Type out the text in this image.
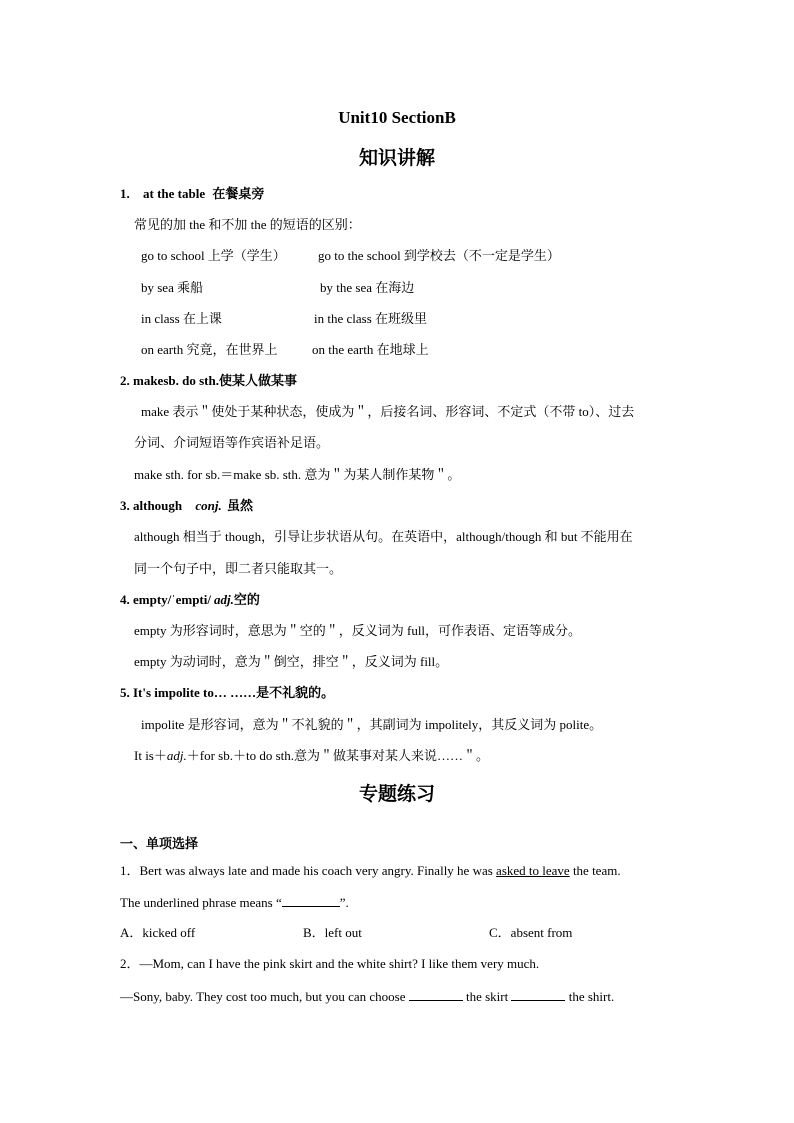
Unit10 SectionB
知识讲解
1. at the table 在餐桌旁
常见的加 the 和不加 the 的短语的区别：
go to school 上学（学生） go to the school 到学校去（不一定是学生）
by sea 乘船	by the sea 在海边
in class 在上课	in the class 在班级里
on earth 究竟，在世界上	on the earth 在地球上
2. makesb. do sth.使某人做某事
make 表示＂使处于某种状态，使成为＂，后接名词、形容词、不定式（不带 to）、过去
分词、介词短语等作宾语补足语。
make sth. for sb.＝make sb. sth. 意为＂为某人制作某物＂。
3. although conj. 虽然
although 相当于 though，引导让步状语从句。在英语中，although/though 和 but 不能用在
同一个句子中，即二者只能取其一。
4. empty/ˈempti/ adj.空的
empty 为形容词时，意思为＂空的＂，反义词为 full，可作表语、定语等成分。
empty 为动词时，意为＂倒空，排空＂，反义词为 fill。
5. It's impolite to… ……是不礼貌的。
impolite 是形容词，意为＂不礼貌的＂，其副词为 impolitely，其反义词为 polite。
It is＋adj.＋for sb.＋to do sth.意为＂做某事对某人来说……＂。
专题练习
一、单项选择
1．Bert was always late and made his coach very angry. Finally he was asked to leave the team.
The underlined phrase means “	”.
A．kicked off	B．left out	C．absent from
2．—Mom, can I have the pink skirt and the white shirt? I like them very much.
—Sony, baby. They cost too much, but you can choose	the skirt	the shirt.
